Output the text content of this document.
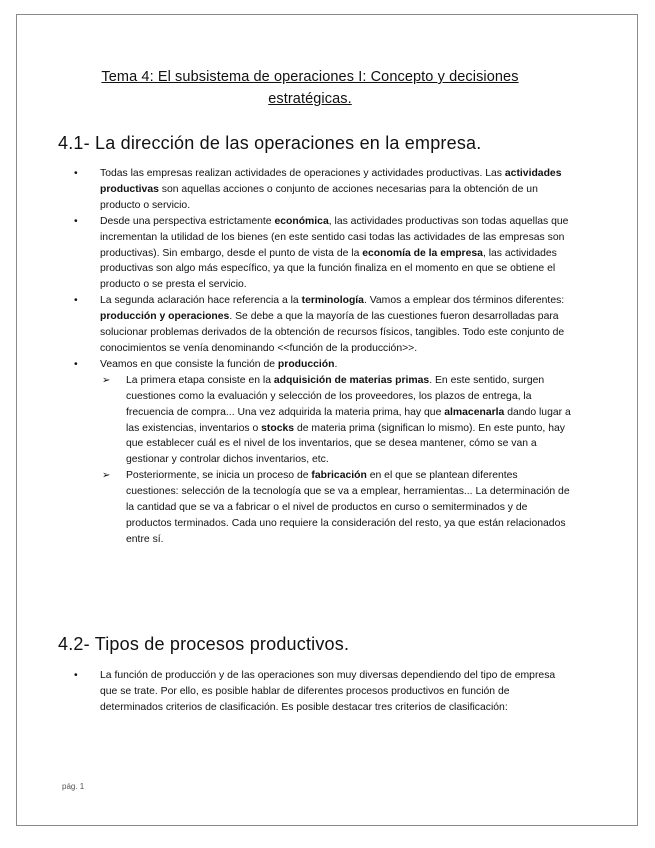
Tema 4: El subsistema de operaciones I: Concepto y decisiones estratégicas.
4.1- La dirección de las operaciones en la empresa.
• Todas las empresas realizan actividades de operaciones y actividades productivas. Las actividades productivas son aquellas acciones o conjunto de acciones necesarias para la obtención de un producto o servicio.
• Desde una perspectiva estrictamente económica, las actividades productivas son todas aquellas que incrementan la utilidad de los bienes (en este sentido casi todas las actividades de las empresas son productivas). Sin embargo, desde el punto de vista de la economía de la empresa, las actividades productivas son algo más específico, ya que la función finaliza en el momento en que se obtiene el producto o se presta el servicio.
• La segunda aclaración hace referencia a la terminología. Vamos a emplear dos términos diferentes: producción y operaciones. Se debe a que la mayoría de las cuestiones fueron desarrolladas para solucionar problemas derivados de la obtención de recursos físicos, tangibles. Todo este conjunto de conocimientos se venía denominando <<función de la producción>>.
• Veamos en que consiste la función de producción.
➢ La primera etapa consiste en la adquisición de materias primas. En este sentido, surgen cuestiones como la evaluación y selección de los proveedores, los plazos de entrega, la frecuencia de compra... Una vez adquirida la materia prima, hay que almacenarla dando lugar a las existencias, inventarios o stocks de materia prima (significan lo mismo). En este punto, hay que establecer cuál es el nivel de los inventarios, que se desea mantener, cómo se van a gestionar y controlar dichos inventarios, etc.
➢ Posteriormente, se inicia un proceso de fabricación en el que se plantean diferentes cuestiones: selección de la tecnología que se va a emplear, herramientas... La determinación de la cantidad que se va a fabricar o el nivel de productos en curso o semiterminados y de productos terminados. Cada uno requiere la consideración del resto, ya que están relacionados entre sí.
4.2- Tipos de procesos productivos.
• La función de producción y de las operaciones son muy diversas dependiendo del tipo de empresa que se trate. Por ello, es posible hablar de diferentes procesos productivos en función de determinados criterios de clasificación. Es posible destacar tres criterios de clasificación:
pág. 1
